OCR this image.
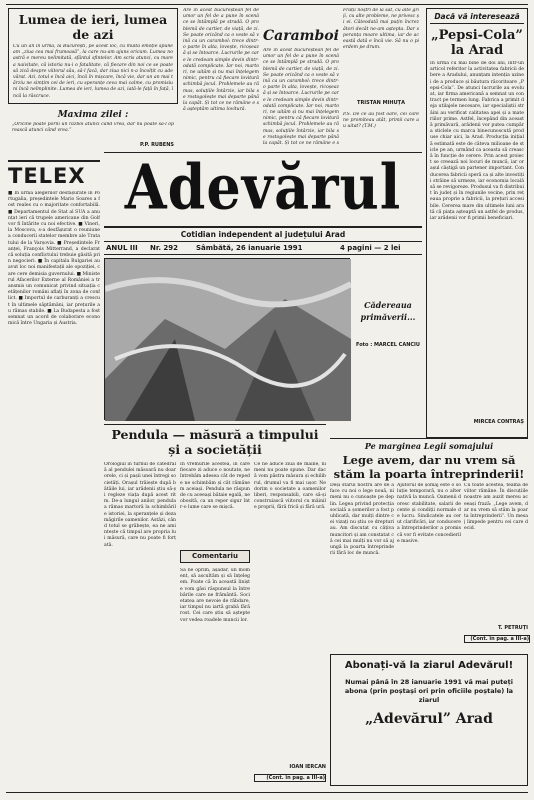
Lumea de ieri, lumea de azi
Cu un an în urmă, la București, pe acest loc, cu multă emoție spuneam „ziua cea mai frumoasă”, la care nu-am ajuns oricum. Lumea noastră e mereu nelimitată, sfântul sfintelor. Am scris atunci, cu marea naivitate, că istoria nu-i o fatalitate, că fiecare din noi ce se poate să zică despre viitorul său, să-l facă, dar ziua nici n-a încolțit cu adevărat. Azi, totul e încă aici, încă în mișcare, încă vie, dar un an mai târziu ne simțim cei de ieri, cu speranțe ceva mai calme, cu promisiuni încă neîmplinite. Lumea de ieri, lumea de azi, iată-le față în față, încă la răscruce.
Are în acest bucureștean fel de umor un fel de a pune în scenă ce se întâmplă pe stradă. O problemă de cartier, de viață, de zi. Se poate oricând ca o veste să vină ca un carambol: trece dintr-o parte în alta, lovește, ricoșează și se întoarce. Lucrurile pe care le credeam simple devin dintr-odată complicate. Iar noi, martori, ne uităm și nu mai înțelegem nimic, pentru că fiecare lovitură schimbă jocul. Problemele au rămas, soluțiile întârzie, iar bila se rostogolește mai departe până la capăt. Și tot ce ne rămâne e să așteptăm ultima lovitură.
Caramboi
Are în acest bucureștean fel de umor un fel de a pune în scenă ce se întâmplă pe stradă. O problemă de cartier, de viață, de zi. Se poate oricând ca o veste să vină ca un carambol: trece dintr-o parte în alta, lovește, ricoșează și se întoarce. Lucrurile pe care le credeam simple devin dintr-odată complicate. Iar noi, martori, ne uităm și nu mai înțelegem nimic, pentru că fiecare lovitură schimbă jocul. Problemele au rămas, soluțiile întârzie, iar bila se rostogolește mai departe până la capăt. Și tot ce ne rămâne e s
Frații noștri de la sat, cu alte griji, cu alte probleme, ne privesc și ei. Câteodată mai puțin încrezători decât ne-am aștepta. Dar speranța moare ultima, iar de această dată e încă vie. Să nu o pierdem pe drum.
TRISTAN MIHUȚA
P.S. De ce au fost oare, cei care ne promiteau atât, primii care au uitat? (T.M.)
Dacă vă interesează
„Pepsi-Cola” la Arad
În urmă cu mai bine de doi ani, într-un articol referitor la activitatea fabricii de bere a Aradului, anunțam intenția uzinei de a produce și băutura răcoritoare „Pepsi-Cola”. De atunci lucrurile au evoluat, iar firma americană a semnat un contract pe termen lung. Fabrica a primit deja utilajele necesare, iar specialiștii străini au verificat calitatea apei și a materiilor prime. Astfel, începând din această primăvară, arădenii vor putea cumpăra sticlele cu marca binecunoscută produse chiar aici, la Arad. Producția inițială estimată este de câteva milioane de sticle pe an, urmând ca aceasta să crească în funcție de cerere. Prin acest proiect se creează noi locuri de muncă, iar orașul câștigă un partener important. Conducerea fabricii speră ca și alte investiții străine să urmeze, iar economia locală să se revigoreze. Produsul va fi distribuit în județ și în regiunile vecine, prin rețeaua proprie a fabricii, la prețuri accesibile. Cererea mare din ultimele luni arată că piața așteaptă un astfel de produs, iar arădenii vor fi primii beneficiari.
MIRCEA CONTRAȘ
Maxima zilei :
„Oricine poate porni un război atunci când vrea, dar nu poate să-l oprească atunci când vrea.”
P.P. RUBENS
TELEX
■ În urma alegerilor desfășurate în Portugalia, președintele Mario Soares a fost reales cu o majoritate confortabilă. ■ Departamentul de Stat al SUA a anunțat ieri că trupele americane din Golf vor fi întărite cu noi efective. ■ Vineri, la Moscova, s-a desfășurat o reuniune a conducerii statelor membre ale Tratatului de la Varșovia. ■ Președintele Franței, François Mitterrand, a declarat că soluția conflictului trebuie găsită prin negocieri. ■ În capitala Bulgariei au avut loc noi manifestații ale opoziției, care cere demisia guvernului. ■ Ministerul Afacerilor Externe al României a transmis un comunicat privind situația cetățenilor români aflați în zona de conflict. ■ Importul de carburanți a crescut în ultimele săptămâni, iar prețurile au rămas stabile. ■ La Budapesta a fost semnat un acord de colaborare economică între Ungaria și Austria.
Adevărul
Cotidian independent al județului Arad
ANUL III Nr. 292	Sâmbătă, 26 ianuarie 1991	4 pagini — 2 lei
Cădereaua
primăverii...
Foto : MARCEL CANCIU
Pendula — măsură a timpului și a societății
Orologiul în turnul de catedrală al pendulei măsoară nu doar orele, ci și pașii unei întregi societăți. Orașul trăiește după bătăile lui, iar arădenii știu să-și regleze viața după acest ritm. De-a lungul anilor, pendula a rămas martoră la schimbările istoriei, la speranțele și dezamăgirile oamenilor. Astăzi, când totul se grăbește, ea ne amintește că timpul are propria lui măsură, care nu poate fi forțată.
În vremurile acestea, în care fiecare zi aduce o noutate, ne întrebăm adesea cât de repede ne schimbăm și cât rămânem aceiași. Pendula ne răspunde cu aceeași bătaie egală, neobosită, ca un reper sigur într-o lume care se mișcă.
Comentariu
Să ne oprim, așadar, un moment, să ascultăm și să înțelegem. Poate că în această liniște vom găsi răspunsul la întrebările care ne frământă. Societatea are nevoie de răbdare, iar timpul nu iartă grabă fără rost. Cei care știu să aștepte vor vedea roadele muncii lor.
Ce ne aduce ziua de mâine, nimeni nu poate spune. Dar dacă vom păstra măsura și echilibrul, drumul va fi mai ușor. Ne dorim o societate a oamenilor liberi, responsabili, care să-și construiască viitorul cu mâinile proprii, fără frică și fără ură.
IOAN IERCAN
(Cont. în pag. a III-a)
Pe marginea Legii somajului
Lege avem, dar nu vrem să stăm la poarta întreprinderii!
Deși starul nostru are de a face cu noi o lege nouă, nimeni nu o cunoaște pe deplin. Legea privind protecția socială a șomerilor a fost publicată, dar mulți dintre cei vizați nu știu ce drepturi au. Am discutat cu câțiva muncitori și am constatat că cei mai mulți nu vor să ajungă la poarta întreprinderii fără loc de muncă.
Ajutorul de șomaj este o soluție temporară, nu o alternativă la muncă. Oamenii doresc stabilitate, salarii decente și condiții normale de lucru. Sindicatele au cerut clarificări, iar conducerea întreprinderilor a promis că vor fi evitate concedierile masive.
Cu toate acestea, teama de viitor rămâne. În discuțiile noastre am auzit mereu aceeași frază: „Lege avem, dar nu vrem să stăm la poarta întreprinderii”. Un mesaj limpede pentru cei care decid.
T. PETRUȚI
(Cont. în pag. a III-a)
Abonați-vă la ziarul Adevărul!
Numai până în 28 ianuarie 1991 vă mai puteți abona (prin poștași ori prin oficiile poștale) la ziarul
„Adevărul” Arad
